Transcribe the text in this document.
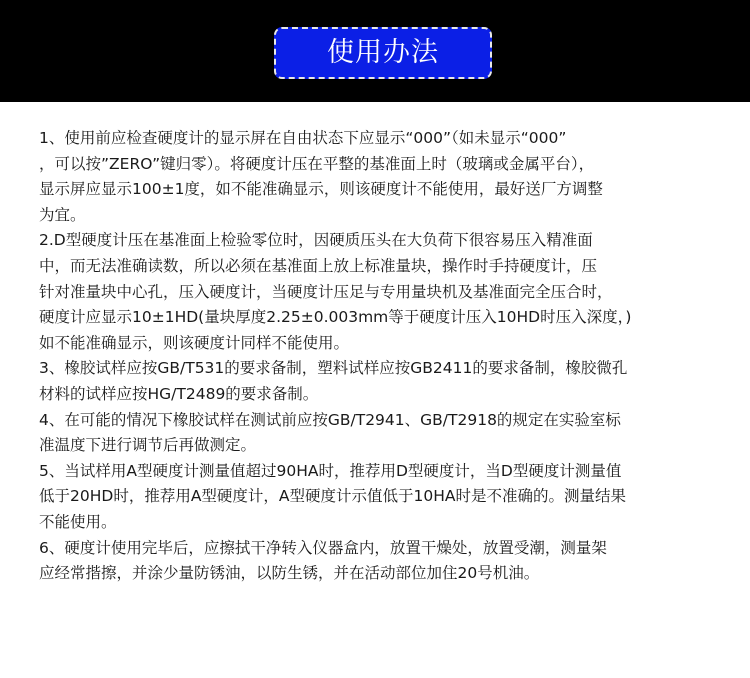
使用办法
1、使用前应检查硬度计的显示屏在自由状态下应显示“000”（如未显示“000”
，可以按”ZERO”键归零）。将硬度计压在平整的基准面上时（玻璃或金属平台），
显示屏应显示100±1度，如不能准确显示，则该硬度计不能使用，最好送厂方调整
为宜。
2.D型硬度计压在基准面上检验零位时，因硬质压头在大负荷下很容易压入精准面
中，而无法准确读数，所以必须在基准面上放上标准量块，操作时手持硬度计，压
针对准量块中心孔，压入硬度计，当硬度计压足与专用量块机及基准面完全压合时，
硬度计应显示10±1HD(量块厚度2.25±0.003mm等于硬度计压入10HD时压入深度，)
如不能准确显示，则该硬度计同样不能使用。
3、橡胶试样应按GB/T531的要求备制，塑料试样应按GB2411的要求备制，橡胶微孔
材料的试样应按HG/T2489的要求备制。
4、在可能的情况下橡胶试样在测试前应按GB/T2941、GB/T2918的规定在实验室标
准温度下进行调节后再做测定。
5、当试样用A型硬度计测量值超过90HA时，推荐用D型硬度计，当D型硬度计测量值
低于20HD时，推荐用A型硬度计，A型硬度计示值低于10HA时是不准确的。测量结果
不能使用。
6、硬度计使用完毕后，应擦拭干净转入仪器盒内，放置干燥处，放置受潮，测量架
应经常揩擦，并涂少量防锈油，以防生锈，并在活动部位加住20号机油。
